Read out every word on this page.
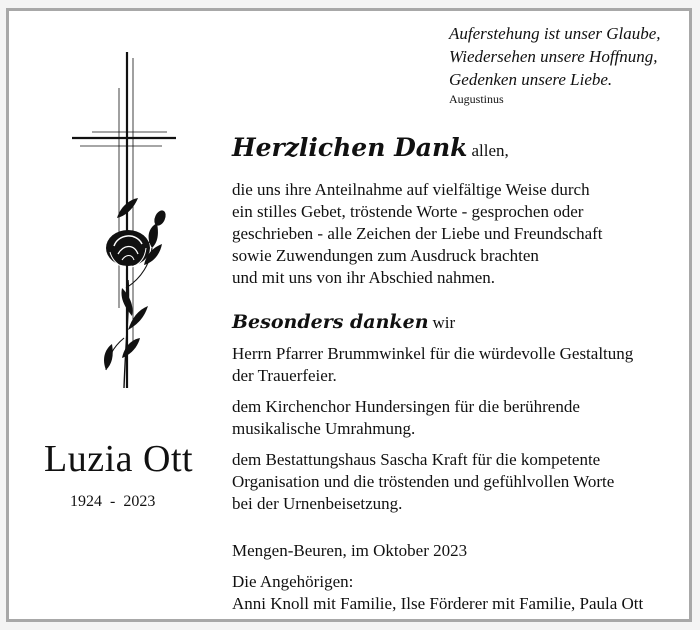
Auferstehung ist unser Glaube,
Wiedersehen unsere Hoffnung,
Gedenken unsere Liebe.
Augustinus
Herzlichen Dank allen,
die uns ihre Anteilnahme auf vielfältige Weise durch
ein stilles Gebet, tröstende Worte - gesprochen oder
geschrieben - alle Zeichen der Liebe und Freundschaft
sowie Zuwendungen zum Ausdruck brachten
und mit uns von ihr Abschied nahmen.
Besonders danken wir
Herrn Pfarrer Brummwinkel für die würdevolle Gestaltung
der Trauerfeier.
dem Kirchenchor Hundersingen für die berührende
musikalische Umrahmung.
dem Bestattungshaus Sascha Kraft für die kompetente
Organisation und die tröstenden und gefühlvollen Worte
bei der Urnenbeisetzung.
Mengen-Beuren, im Oktober 2023
Die Angehörigen:
Anni Knoll mit Familie, Ilse Förderer mit Familie, Paula Ott
Luzia Ott
1924  -  2023
